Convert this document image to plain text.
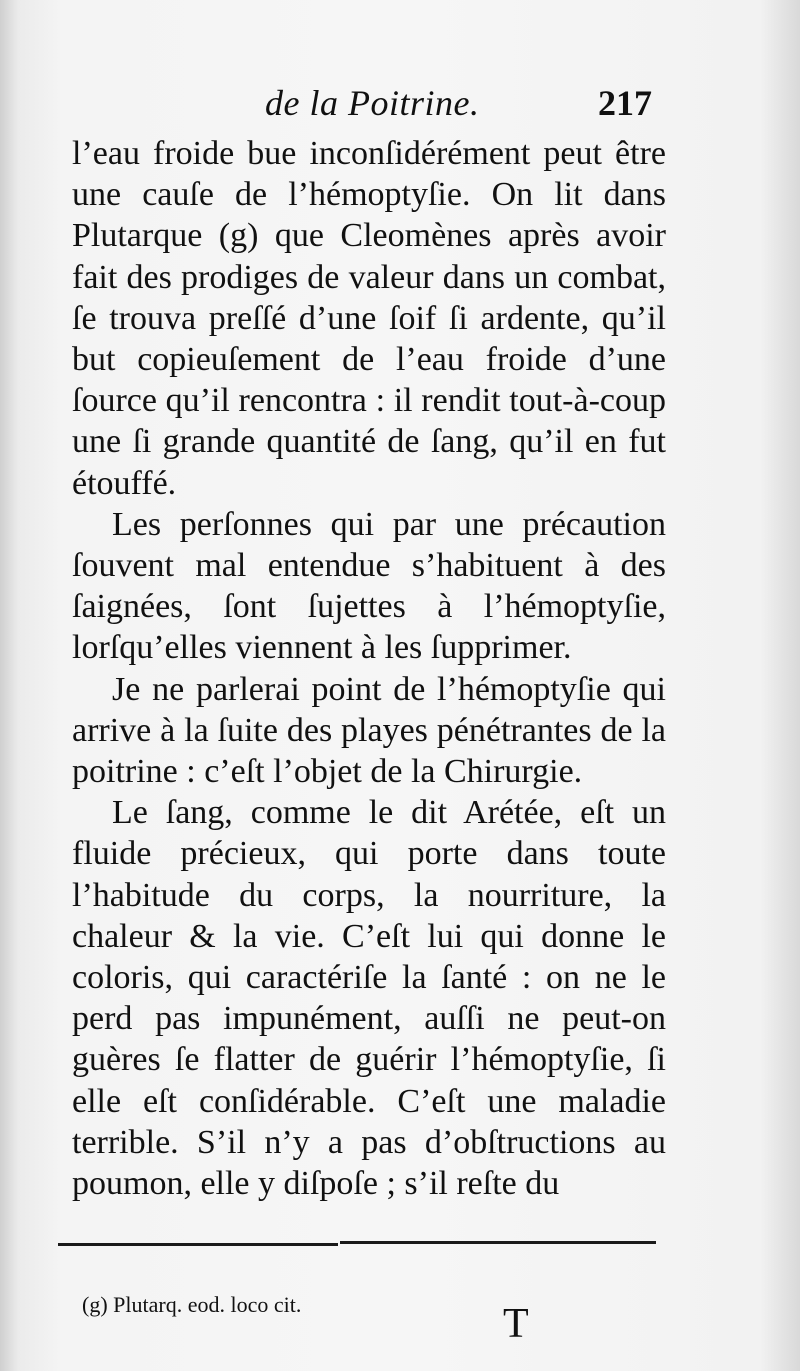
de la Poitrine.	217

l’eau froide bue inconſidérément peut être une cauſe de l’hémoptyſie. On lit dans Plutarque (g) que Cleomènes après avoir fait des prodiges de valeur dans un combat, ſe trouva preſſé d’une ſoif ſi ardente, qu’il but copieuſement de l’eau froide d’une ſource qu’il rencontra : il rendit tout-à-coup une ſi grande quantité de ſang, qu’il en fut étouffé.

Les perſonnes qui par une précaution ſouvent mal entendue s’habituent à des ſaignées, ſont ſujettes à l’hémoptyſie, lorſqu’elles viennent à les ſupprimer.

Je ne parlerai point de l’hémoptyſie qui arrive à la ſuite des playes pénétrantes de la poitrine : c’eſt l’objet de la Chirurgie.

Le ſang, comme le dit Arétée, eſt un fluide précieux, qui porte dans toute l’habitude du corps, la nourriture, la chaleur & la vie. C’eſt lui qui donne le coloris, qui caractériſe la ſanté : on ne le perd pas impunément, auſſi ne peut-on guères ſe flatter de guérir l’hémoptyſie, ſi elle eſt conſidérable. C’eſt une maladie terrible. S’il n’y a pas d’obſtructions au poumon, elle y diſpoſe ; s’il reſte du

(g) Plutarq. eod. loco cit.	T
